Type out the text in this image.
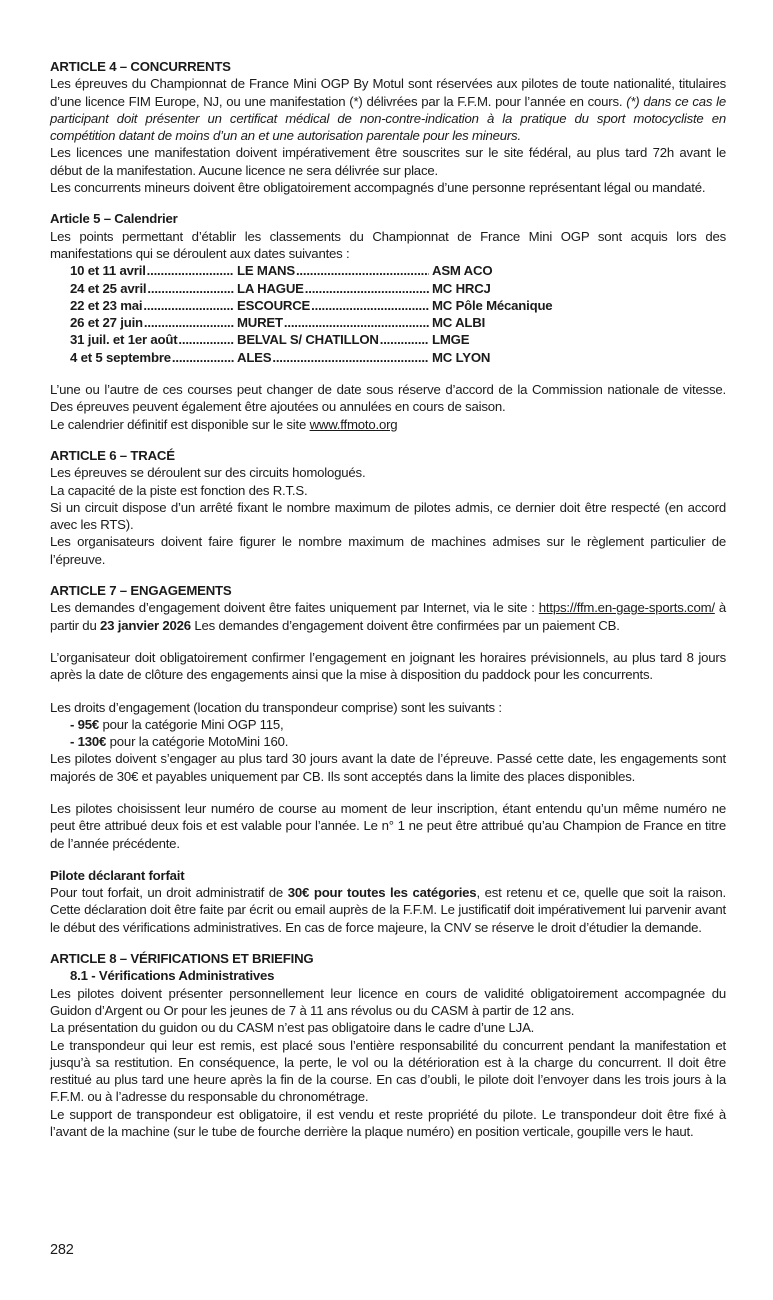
ARTICLE 4 – CONCURRENTS

Les épreuves du Championnat de France Mini OGP By Motul sont réservées aux pilotes de toute nationalité, titulaires d’une licence FIM Europe, NJ, ou une manifestation (*) délivrées par la F.F.M. pour l’année en cours. (*) dans ce cas le participant doit présenter un certificat médical de non-contre-indication à la pratique du sport motocycliste en compétition datant de moins d’un an et une autorisation parentale pour les mineurs.

Les licences une manifestation doivent impérativement être souscrites sur le site fédéral, au plus tard 72h avant le début de la manifestation. Aucune licence ne sera délivrée sur place.

Les concurrents mineurs doivent être obligatoirement accompagnés d’une personne représentant légal ou mandaté.

Article 5 – Calendrier

Les points permettant d’établir les classements du Championnat de France Mini OGP sont acquis lors des manifestations qui se déroulent aux dates suivantes :

10 et 11 avril .....	LE MANS .....	ASM ACO
24 et 25 avril .....	LA HAGUE .....	MC HRCJ
22 et 23 mai .....	ESCOURCE .....	MC Pôle Mécanique
26 et 27 juin .....	MURET .....	MC ALBI
31 juil. et 1er août .....	BELVAL S/ CHATILLON .....	LMGE
4 et 5 septembre .....	ALES .....	MC LYON

L’une ou l’autre de ces courses peut changer de date sous réserve d’accord de la Commission nationale de vitesse. Des épreuves peuvent également être ajoutées ou annulées en cours de saison.

Le calendrier définitif est disponible sur le site www.ffmoto.org

ARTICLE 6 – TRACÉ

Les épreuves se déroulent sur des circuits homologués.

La capacité de la piste est fonction des R.T.S.

Si un circuit dispose d’un arrêté fixant le nombre maximum de pilotes admis, ce dernier doit être respecté (en accord avec les RTS).

Les organisateurs doivent faire figurer le nombre maximum de machines admises sur le règlement particulier de l’épreuve.

ARTICLE 7 – ENGAGEMENTS

Les demandes d’engagement doivent être faites uniquement par Internet, via le site : https://ffm.en-gage-sports.com/ à partir du 23 janvier 2026 Les demandes d’engagement doivent être confirmées par un paiement CB.

L’organisateur doit obligatoirement confirmer l’engagement en joignant les horaires prévisionnels, au plus tard 8 jours après la date de clôture des engagements ainsi que la mise à disposition du paddock pour les concurrents.

Les droits d’engagement (location du transpondeur comprise) sont les suivants :

- 95€ pour la catégorie Mini OGP 115,

- 130€ pour la catégorie MotoMini 160.

Les pilotes doivent s’engager au plus tard 30 jours avant la date de l’épreuve. Passé cette date, les engagements sont majorés de 30€ et payables uniquement par CB. Ils sont acceptés dans la limite des places disponibles.

Les pilotes choisissent leur numéro de course au moment de leur inscription, étant entendu qu’un même numéro ne peut être attribué deux fois et est valable pour l’année. Le n° 1 ne peut être attribué qu’au Champion de France en titre de l’année précédente.

Pilote déclarant forfait

Pour tout forfait, un droit administratif de 30€ pour toutes les catégories, est retenu et ce, quelle que soit la raison. Cette déclaration doit être faite par écrit ou email auprès de la F.F.M. Le justificatif doit impérativement lui parvenir avant le début des vérifications administratives. En cas de force majeure, la CNV se réserve le droit d’étudier la demande.

ARTICLE 8 – VÉRIFICATIONS ET BRIEFING

8.1 - Vérifications Administratives

Les pilotes doivent présenter personnellement leur licence en cours de validité obligatoirement accompagnée du Guidon d’Argent ou Or pour les jeunes de 7 à 11 ans révolus ou du CASM à partir de 12 ans.

La présentation du guidon ou du CASM n’est pas obligatoire dans le cadre d’une LJA.

Le transpondeur qui leur est remis, est placé sous l’entière responsabilité du concurrent pendant la manifestation et jusqu’à sa restitution. En conséquence, la perte, le vol ou la détérioration est à la charge du concurrent. Il doit être restitué au plus tard une heure après la fin de la course. En cas d’oubli, le pilote doit l’envoyer dans les trois jours à la F.F.M. ou à l’adresse du responsable du chronométrage.

Le support de transpondeur est obligatoire, il est vendu et reste propriété du pilote. Le transpondeur doit être fixé à l’avant de la machine (sur le tube de fourche derrière la plaque numéro) en position verticale, goupille vers le haut.

282
